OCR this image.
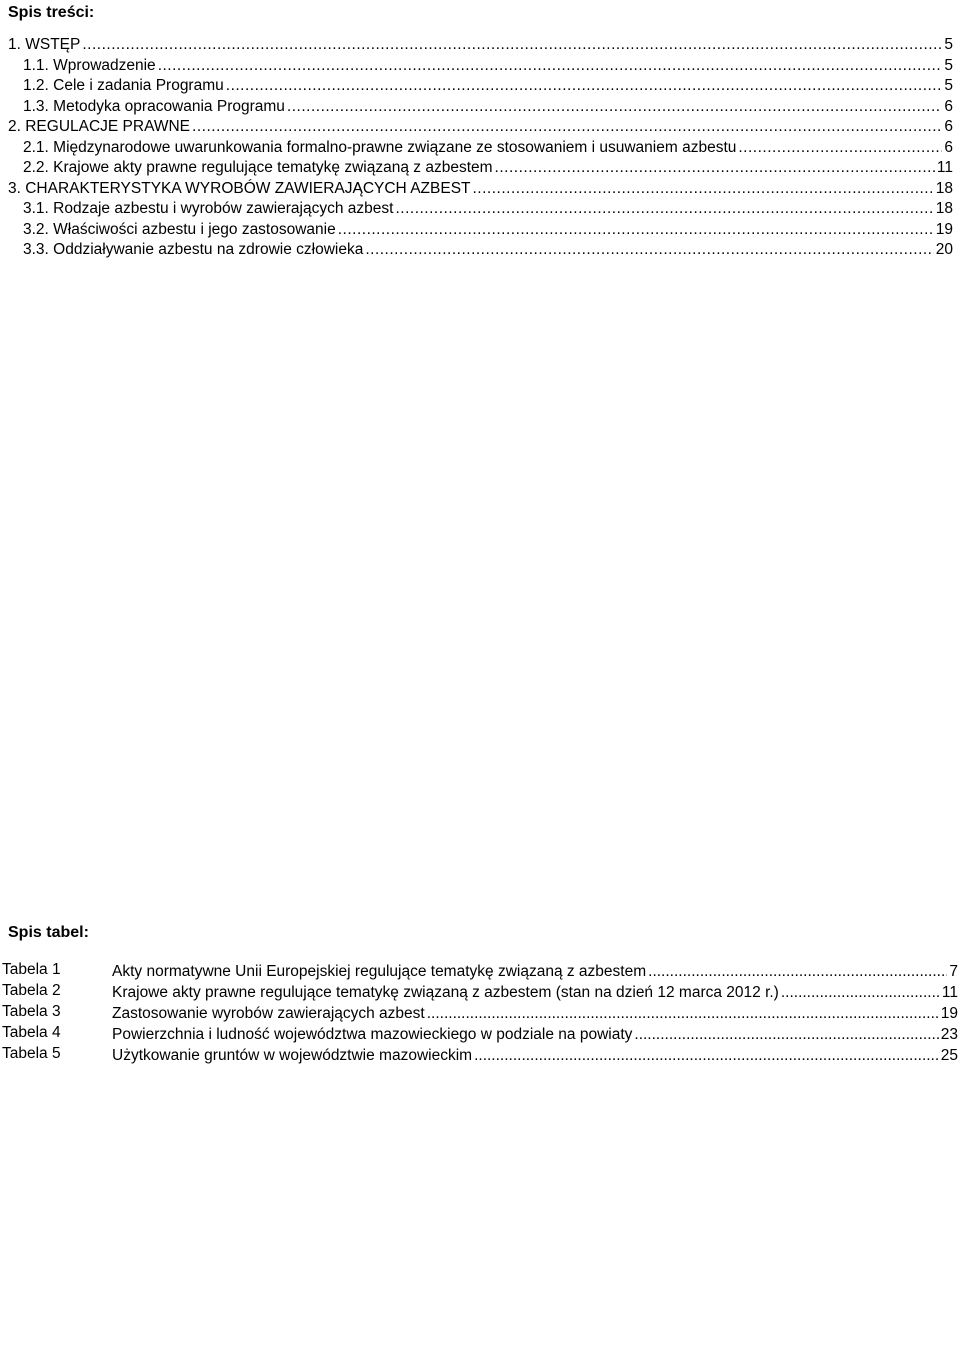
Spis treści:
1. WSTĘP .....	5
1.1. Wprowadzenie .....	5
1.2. Cele i zadania Programu .....	5
1.3. Metodyka opracowania Programu .....	6
2. REGULACJE PRAWNE .....	6
2.1. Międzynarodowe uwarunkowania formalno-prawne związane ze stosowaniem i usuwaniem azbestu .....	6
2.2. Krajowe akty prawne regulujące tematykę związaną z azbestem .....	11
3. CHARAKTERYSTYKA WYROBÓW ZAWIERAJĄCYCH AZBEST .....	18
3.1. Rodzaje azbestu i wyrobów zawierających azbest .....	18
3.2. Właściwości azbestu i jego zastosowanie .....	19
3.3. Oddziaływanie azbestu na zdrowie człowieka .....	20
Spis tabel:
Tabela 1	Akty normatywne Unii Europejskiej regulujące tematykę związaną z azbestem .....	7
Tabela 2	Krajowe akty prawne regulujące tematykę związaną z azbestem (stan na dzień 12 marca 2012 r.) .....	11
Tabela 3	Zastosowanie wyrobów zawierających azbest .....	19
Tabela 4	Powierzchnia i ludność województwa mazowieckiego w podziale na powiaty .....	23
Tabela 5	Użytkowanie gruntów w województwie mazowieckim .....	25
